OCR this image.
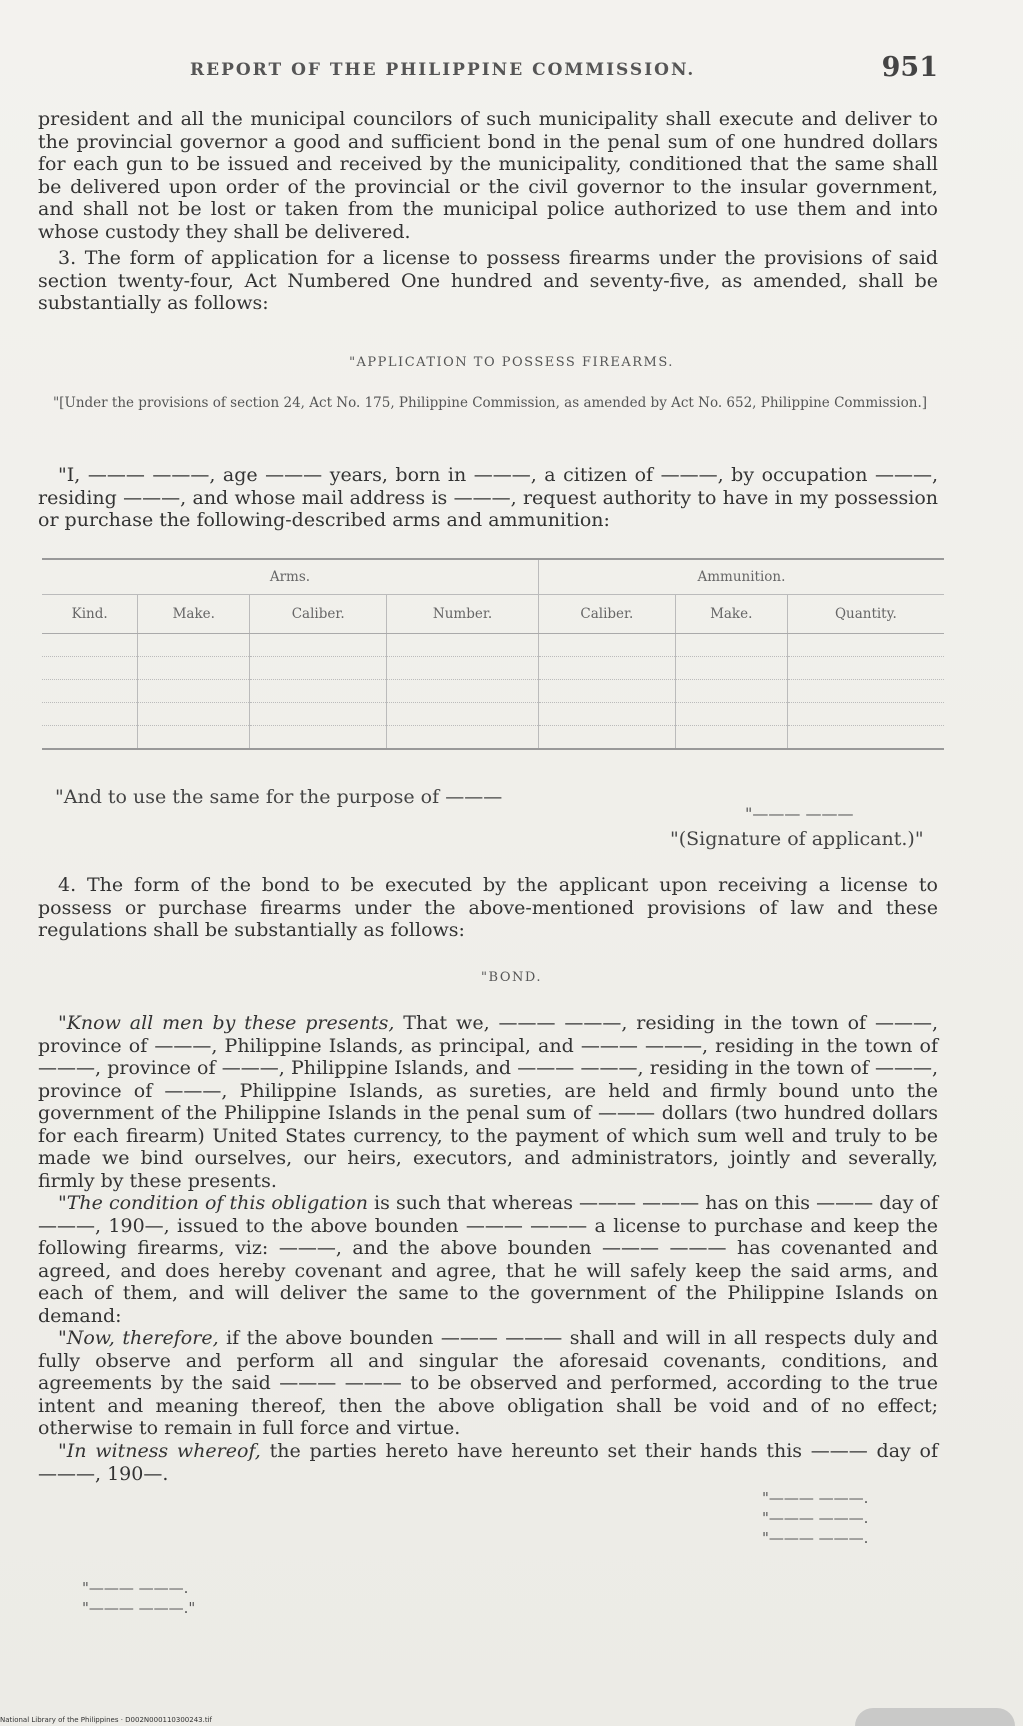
REPORT OF THE PHILIPPINE COMMISSION.	951

president and all the municipal councilors of such municipality shall execute and deliver to the provincial governor a good and sufficient bond in the penal sum of one hundred dollars for each gun to be issued and received by the municipality, conditioned that the same shall be delivered upon order of the provincial or the civil governor to the insular government, and shall not be lost or taken from the municipal police authorized to use them and into whose custody they shall be delivered.

3. The form of application for a license to possess firearms under the provisions of said section twenty-four, Act Numbered One hundred and seventy-five, as amended, shall be substantially as follows:

"APPLICATION TO POSSESS FIREARMS.
"[Under the provisions of section 24, Act No. 175, Philippine Commission, as amended by Act No. 652, Philippine Commission.]

"I, ——— ———, age ——— years, born in ———, a citizen of ———, by occupation ———, residing ———, and whose mail address is ———, request authority to have in my possession or purchase the following-described arms and ammunition:

Arms.				Ammunition.		
Kind.	Make.	Caliber.	Number.	Caliber.	Make.	Quantity.

"And to use the same for the purpose of ———
"——— ———
"(Signature of applicant.)"

4. The form of the bond to be executed by the applicant upon receiving a license to possess or purchase firearms under the above-mentioned provisions of law and these regulations shall be substantially as follows:

"BOND.

"Know all men by these presents, That we, ——— ———, residing in the town of ———, province of ———, Philippine Islands, as principal, and ——— ———, residing in the town of ———, province of ———, Philippine Islands, and ——— ———, residing in the town of ———, province of ———, Philippine Islands, as sureties, are held and firmly bound unto the government of the Philippine Islands in the penal sum of ——— dollars (two hundred dollars for each firearm) United States currency, to the payment of which sum well and truly to be made we bind ourselves, our heirs, executors, and administrators, jointly and severally, firmly by these presents.

"The condition of this obligation is such that whereas ——— ——— has on this ——— day of ———, 190—, issued to the above bounden ——— ——— a license to purchase and keep the following firearms, viz: ———, and the above bounden ——— ——— has covenanted and agreed, and does hereby covenant and agree, that he will safely keep the said arms, and each of them, and will deliver the same to the government of the Philippine Islands on demand:

"Now, therefore, if the above bounden ——— ——— shall and will in all respects duly and fully observe and perform all and singular the aforesaid covenants, conditions, and agreements by the said ——— ——— to be observed and performed, according to the true intent and meaning thereof, then the above obligation shall be void and of no effect; otherwise to remain in full force and virtue.

"In witness whereof, the parties hereto have hereunto set their hands this ——— day of ———, 190—.

"——— ———.
"——— ———.
"——— ———.
"——— ———.
"——— ———."
National Library of the Philippines · D002N000110300243.tif
